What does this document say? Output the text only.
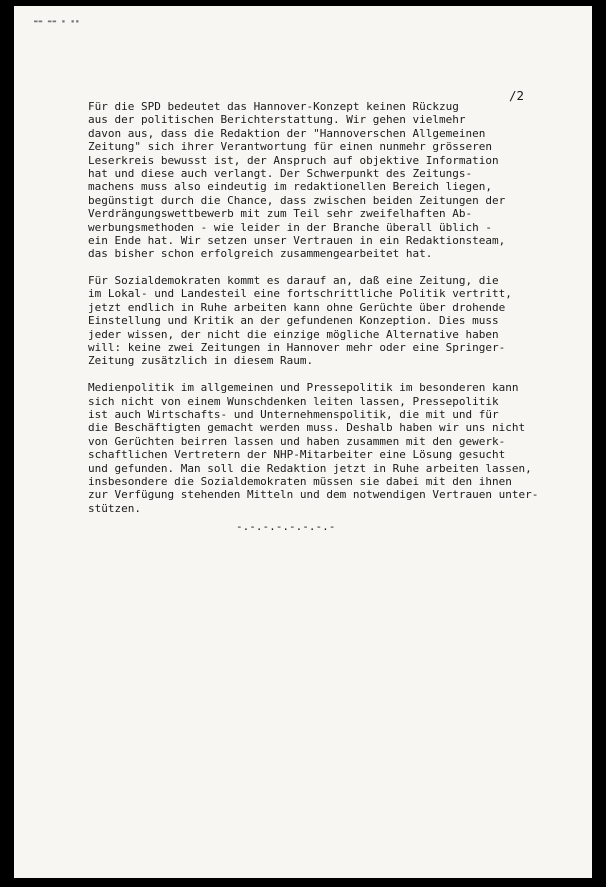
▬▬ ▬▬ ▪ ▪▪
/2
Für die SPD bedeutet das Hannover-Konzept keinen Rückzug
aus der politischen Berichterstattung. Wir gehen vielmehr
davon aus, dass die Redaktion der "Hannoverschen Allgemeinen
Zeitung" sich ihrer Verantwortung für einen nunmehr grösseren
Leserkreis bewusst ist, der Anspruch auf objektive Information
hat und diese auch verlangt. Der Schwerpunkt des Zeitungs-
machens muss also eindeutig im redaktionellen Bereich liegen,
begünstigt durch die Chance, dass zwischen beiden Zeitungen der
Verdrängungswettbewerb mit zum Teil sehr zweifelhaften Ab-
werbungsmethoden - wie leider in der Branche überall üblich -
ein Ende hat. Wir setzen unser Vertrauen in ein Redaktionsteam,
das bisher schon erfolgreich zusammengearbeitet hat.
Für Sozialdemokraten kommt es darauf an, daß eine Zeitung, die
im Lokal- und Landesteil eine fortschrittliche Politik vertritt,
jetzt endlich in Ruhe arbeiten kann ohne Gerüchte über drohende
Einstellung und Kritik an der gefundenen Konzeption. Dies muss
jeder wissen, der nicht die einzige mögliche Alternative haben
will: keine zwei Zeitungen in Hannover mehr oder eine Springer-
Zeitung zusätzlich in diesem Raum.
Medienpolitik im allgemeinen und Pressepolitik im besonderen kann
sich nicht von einem Wunschdenken leiten lassen, Pressepolitik
ist auch Wirtschafts- und Unternehmenspolitik, die mit und für
die Beschäftigten gemacht werden muss. Deshalb haben wir uns nicht
von Gerüchten beirren lassen und haben zusammen mit den gewerk-
schaftlichen Vertretern der NHP-Mitarbeiter eine Lösung gesucht
und gefunden. Man soll die Redaktion jetzt in Ruhe arbeiten lassen,
insbesondere die Sozialdemokraten müssen sie dabei mit den ihnen
zur Verfügung stehenden Mitteln und dem notwendigen Vertrauen unter-
stützen.
-.-.-.-.-.-.-.-
